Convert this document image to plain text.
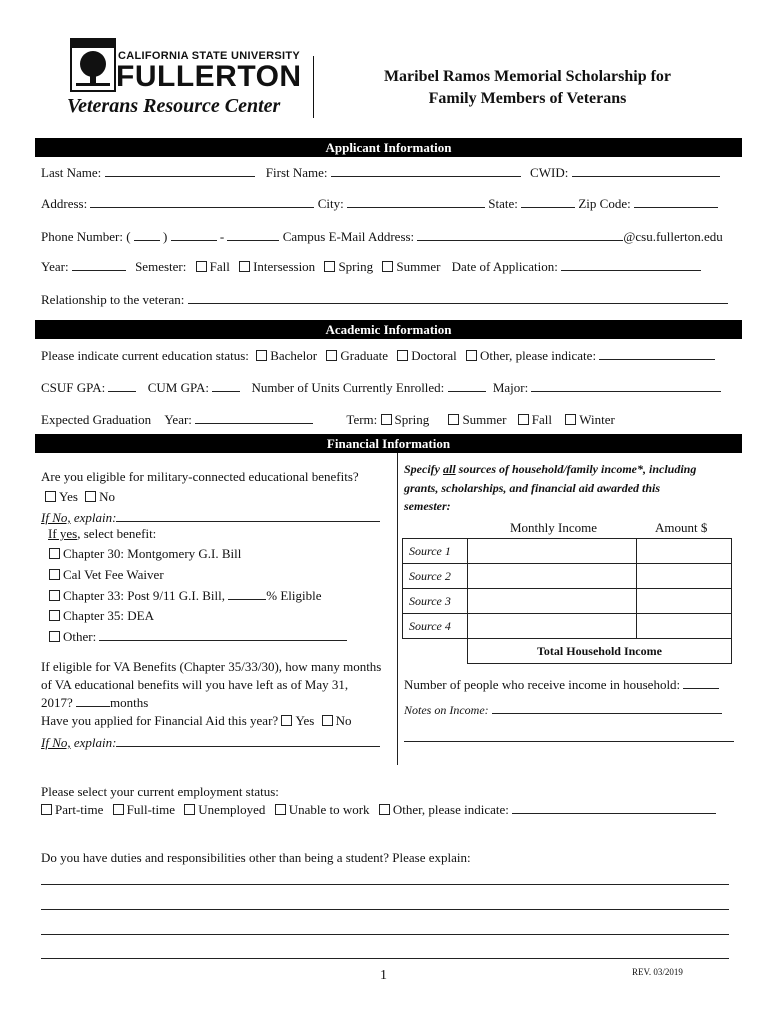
CALIFORNIA STATE UNIVERSITY
FULLERTON
Veterans Resource Center
Maribel Ramos Memorial Scholarship for
Family Members of Veterans
Applicant Information
Last Name:	First Name:	CWID:
Address:	City:	State:	Zip Code:
Phone Number: (	)	-	Campus E-Mail Address:	@csu.fullerton.edu
Year:	Semester: Fall Intersession Spring Summer Date of Application:
Relationship to the veteran:
Academic Information
Please indicate current education status: Bachelor Graduate Doctoral Other, please indicate:
CSUF GPA:	CUM GPA:	Number of Units Currently Enrolled:	Major:
Expected Graduation Year:	Term: Spring	Summer Fall Winter
Financial Information
Are you eligible for military-connected educational benefits?
Yes No
If No, explain:
If yes, select benefit:
Chapter 30: Montgomery G.I. Bill
Cal Vet Fee Waiver
Chapter 33: Post 9/11 G.I. Bill,	% Eligible
Chapter 35: DEA
Other:
If eligible for VA Benefits (Chapter 35/33/30), how many months
of VA educational benefits will you have left as of May 31,
2017?	months
Have you applied for Financial Aid this year? Yes No
If No, explain:
Specify all sources of household/family income*, including
grants, scholarships, and financial aid awarded this
semester:
Monthly Income	Amount $
Source 1		
Source 2		
Source 3		
Source 4		
	Total Household Income	
Number of people who receive income in household:
Notes on Income:
Please select your current employment status:
Part-time Full-time Unemployed Unable to work Other, please indicate:
Do you have duties and responsibilities other than being a student? Please explain:
1	REV. 03/2019
